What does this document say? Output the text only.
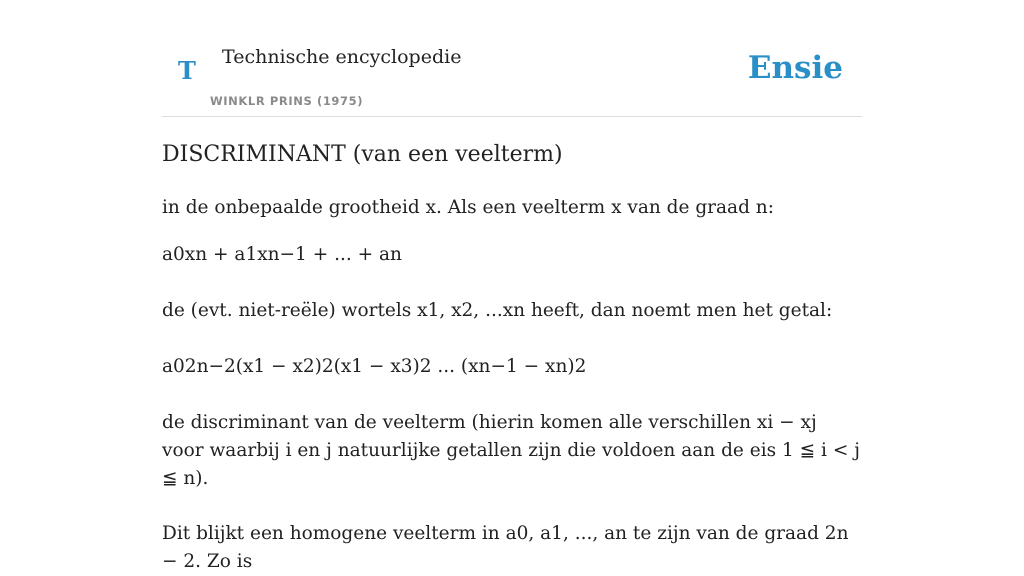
T Technische encyclopedie
WINKLR PRINS (1975)
Ensie
DISCRIMINANT (van een veelterm)

in de onbepaalde grootheid x. Als een veelterm x van de graad n:

a0xn + a1xn−1 + ... + an

de (evt. niet-reële) wortels x1, x2, ...xn heeft, dan noemt men het getal:

a02n−2(x1 − x2)2(x1 − x3)2 ... (xn−1 − xn)2

de discriminant van de veelterm (hierin komen alle verschillen xi − xj voor waarbij i en j natuurlijke getallen zijn die voldoen aan de eis 1 ≦ i < j ≦ n).

Dit blijkt een homogene veelterm in a0, a1, ..., an te zijn van de graad 2n − 2. Zo is
